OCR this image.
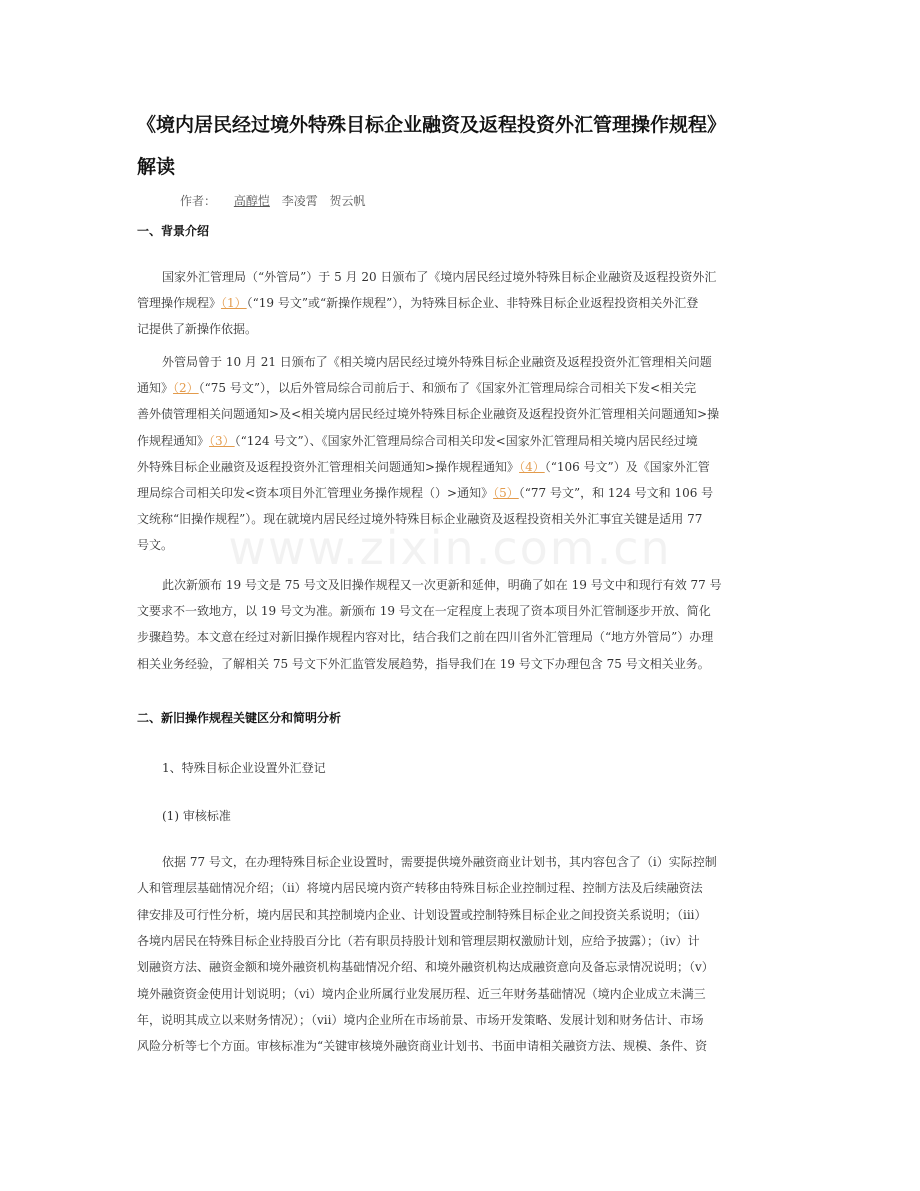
www.zixin.com.cn
《境内居民经过境外特殊目标企业融资及返程投资外汇管理操作规程》
解读
作者： 高醇恺 李凌霄 贺云帆
一、背景介绍
国家外汇管理局（“外管局”）于 5 月 20 日颁布了《境内居民经过境外特殊目标企业融资及返程投资外汇
管理操作规程》（1）（“19 号文”或“新操作规程”），为特殊目标企业、非特殊目标企业返程投资相关外汇登
记提供了新操作依据。
外管局曾于 10 月 21 日颁布了《相关境内居民经过境外特殊目标企业融资及返程投资外汇管理相关问题
通知》（2）（“75 号文”），以后外管局综合司前后于、和颁布了《国家外汇管理局综合司相关下发<相关完
善外债管理相关问题通知>及<相关境内居民经过境外特殊目标企业融资及返程投资外汇管理相关问题通知>操
作规程通知》（3）（“124 号文”）、《国家外汇管理局综合司相关印发<国家外汇管理局相关境内居民经过境
外特殊目标企业融资及返程投资外汇管理相关问题通知>操作规程通知》（4）（“106 号文”）及《国家外汇管
理局综合司相关印发<资本项目外汇管理业务操作规程（）>通知》（5）（“77 号文”，和 124 号文和 106 号
文统称“旧操作规程”）。现在就境内居民经过境外特殊目标企业融资及返程投资相关外汇事宜关键是适用 77
号文。
此次新颁布 19 号文是 75 号文及旧操作规程又一次更新和延伸，明确了如在 19 号文中和现行有效 77 号
文要求不一致地方，以 19 号文为准。新颁布 19 号文在一定程度上表现了资本项目外汇管制逐步开放、简化
步骤趋势。本文意在经过对新旧操作规程内容对比，结合我们之前在四川省外汇管理局（“地方外管局”）办理
相关业务经验，了解相关 75 号文下外汇监管发展趋势，指导我们在 19 号文下办理包含 75 号文相关业务。
二、新旧操作规程关键区分和简明分析
1、特殊目标企业设置外汇登记
(1) 审核标准
依据 77 号文，在办理特殊目标企业设置时，需要提供境外融资商业计划书，其内容包含了（i）实际控制
人和管理层基础情况介绍；（ii）将境内居民境内资产转移由特殊目标企业控制过程、控制方法及后续融资法
律安排及可行性分析，境内居民和其控制境内企业、计划设置或控制特殊目标企业之间投资关系说明；（iii）
各境内居民在特殊目标企业持股百分比（若有职员持股计划和管理层期权激励计划，应给予披露）；（iv）计
划融资方法、融资金额和境外融资机构基础情况介绍、和境外融资机构达成融资意向及备忘录情况说明；（v）
境外融资资金使用计划说明；（vi）境内企业所属行业发展历程、近三年财务基础情况（境内企业成立未满三
年，说明其成立以来财务情况）；（vii）境内企业所在市场前景、市场开发策略、发展计划和财务估计、市场
风险分析等七个方面。审核标准为“关键审核境外融资商业计划书、书面申请相关融资方法、规模、条件、资
